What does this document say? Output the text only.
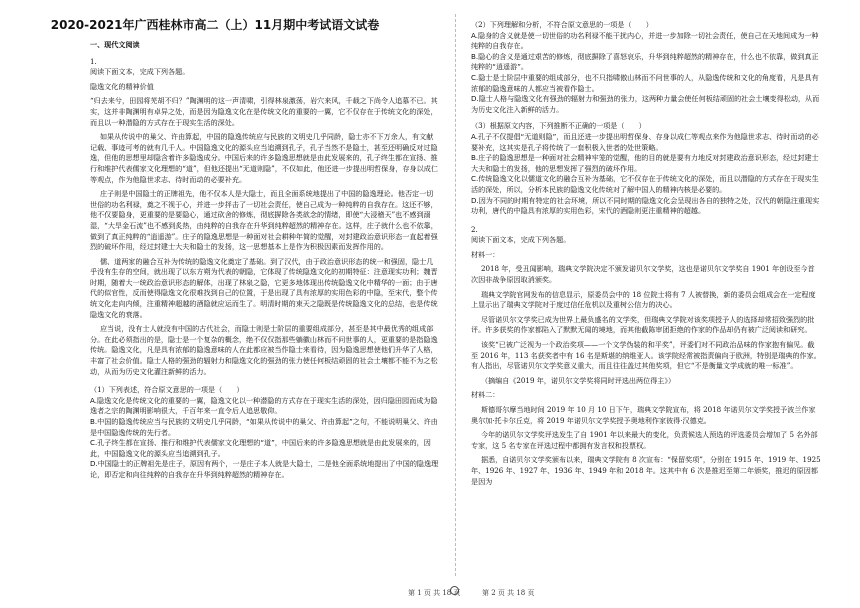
2020-2021年广西桂林市高二（上）11月期中考试语文试卷

一、现代文阅读

1.

阅读下面文本，完成下列各题。

隐逸文化的精神价值

“归去来兮，田园将芜胡不归？”陶渊明的这一声清啸，引得林泉激荡，岩穴来风，千载之下尚令人追慕不已。其实，这并非陶渊明有卓异之处，而是因为隐逸文化在是传统文化的重要的一翼，它不仅存在于传统文化的深处，而且以一种潜隐的方式存在于现实生活的深处。

如果从传说中的巢父、许由算起，中国的隐逸传统应与民族的文明史几乎同龄，隐士亦不下万余人，有文献记载、事迹可考的就有几千人。中国隐逸文化的源头应当追溯到孔子，孔子当然不是隐士，甚至还明确反对过隐逸，但他的思想里却隐含着许多隐逸成分。中国后来的许多隐逸思想就是由此发展来的，孔子终生都在宣扬、推行和维护代表儒家文化理想的“道”，但他还提出“无道则隐”，不仅如此，他还进一步提出明哲保身，存身以成仁等观点，作为他隐世求志、待时而动的必要补充。

庄子则是中国隐士的正牌祖先，他不仅本人是大隐士，而且全面系统地提出了中国的隐逸理论。他否定一切世俗的功名利禄，奠之不视于心，并进一步抨击了一切社会责任，使自己成为一种纯粹的自我存在。这还不够，他不仅要隐身，更重要的是要隐心，通过砍舍的修炼，彻底摒除各类欲念的情绪，即使“大浸稽天”也不感到溺湿，“大旱金石流”也不感到炙热，由纯粹的自我存在升华到纯粹超然的精神存在。这样，庄子就什么也不依靠，做到了真正纯粹的“逍遥游”。庄子的隐逸思想是一种面对社会耕种年简的觉醒，对封建政治意识形态一直起着强烈的破坏作用，经过封建士大夫和隐士的发扬，这一思想基本上是作为积极因素而发挥作用的。

儒、道两家的融合互补为传统的隐逸文化奠定了基础。到了汉代，由于政治意识形态的统一和强固，隐士几乎没有生存的空间，就出现了以东方朔为代表的朝隐，它体现了传统隐逸文化的初期特征：注意现实功利；魏晋时期，随着大一统政治意识形态的解体，出现了林泉之隐，它更多地体现出传统隐逸文化中精华的一面；由于唐代的似官性，反而使得隐逸文化很难找到自己的位置，于是出现了具有浓厚的实用色彩的中隐，至宋代，整个传统文化走向内倾，注重精神超越的酒隐就应运而生了。明清时期的束天之隐既是传统隐逸文化的总结，也是传统隐逸文化的衰落。

应当说，没有士人就没有中国的古代社会，而隐士则是士阶层的重要组成部分，甚至是其中最优秀的组成部分。在此必须指出的是，隐士是一个复杂的概念，绝不仅仅指那些躺徽山林而不问世事的人，更重要的是指隐逸传统。隐逸文化，凡是具有浓郁的隐逸意味的人在此都应被当作隐士来看待，因为隐逸思想使他们升华了人格，丰富了社会价值。隐士人格的强劲的辐射力和隐逸文化的强劲的张力使任何板结顽固的社会土壤都不能不为之松动，从而为历史文化灌注新鲜的活力。

（1）下列表述，符合原文意思的一项是（　　）

A.隐逸文化是传统文化的重要的一翼，隐逸文化以一种潜隐的方式存在于现实生活的深处，因归隐田园而成为隐逸者之宗的陶渊明影响很大，千百年来一直令后人追思敬仰。

B.中国的隐逸传统应当与民族的文明史几乎同龄，“如果从传说中的巢父、许由算起”之句，不能说明巢父、许由是中国隐逸传统的先行者。

C.孔子终生都在宣扬、推行和维护代表儒家文化理想的“道”，中国后来的许多隐逸思想就是由此发展来的，因此，中国隐逸文化的源头应当追溯到孔子。

D.中国隐士的正牌祖先是庄子，原因有两个，一是庄子本人就是大隐士，二是他全面系统地提出了中国的隐逸理论，即否定和向往纯粹的自我存在升华到纯粹超然的精神存在。

（2）下列理解和分析，不符合原文意思的一项是（　　）

A.隐身的含义就是使一切世俗的功名利禄不能干扰内心，并进一步加除一切社会责任，使自己在天地间成为一种纯粹的自我存在。

B.隐心的含义是通过艰苦的修炼，彻底摒除了喜怒哀乐，升华到纯粹超然的精神存在，什么也不依靠，做到真正纯粹的“逍遥游”。

C.隐士是士阶层中重要的组成部分，也不只指啸傲山林而不问世事的人，从隐逸传统和文化的角度看，凡是具有浓郁的隐逸意味的人都应当被看作隐士。

D.隐士人格与隐逸文化有强劲的辐射力和强劲的张力，这两种力量会使任何板结顽固的社会土壤变得松动，从而为历史文化注入新鲜的活力。

（3）根据原文内容，下列推断不正确的一项是（　　）

A.孔子不仅提倡“无道则隐”，而且还进一步提出明哲保身、存身以成仁等观点来作为他隐世求志、待时而动的必要补充，这其实是孔子将传统了一套积极入世者的处世策略。

B.庄子的隐逸思想是一种面对社会精神牢笼的觉醒，他的目的就是要有力地反对封建政治意识形态，经过封建士大夫和隐士的发扬，他的思想发挥了强烈的破坏作用。

C.传统隐逸文化以儒道文化的融合互补为基础，它不仅存在于传统文化的深处，而且以潜隐的方式存在于现实生活的深处，所以，分析本民族的隐逸文化传统对了解中国人的精神内核是必要的。

D.因为不同的时期有特定的社会环境，所以不同时期的隐逸文化会呈现出各自的独特之处，汉代的朝隐注重现实功利，唐代的中隐具有浓厚的实用色彩，宋代的酒隐则更注重精神的超越。

2.

阅读下面文本，完成下列各题。

材料一：

2018 年，受丑闻影响，瑞典文学院决定不颁发诺贝尔文学奖，这也是诺贝尔文学奖自 1901 年创设至今首次因非战争原因取消颁奖。

瑞典文学院官网发布的信息显示，原委员会中的 18 位院士将有 7 人被替换，新的委员会组成会在一定程度上显示出了瑞典文学院对于度过信任危机以及重树公信力的决心。

尽管诺贝尔文学奖已成为世界上最负盛名的文学奖，但瑞典文学院对该奖项授予人的选择却常招致强烈的批评。许多获奖的作家都陷入了默默无闻的境地，而其他截陈审团拒绝的作家的作品却仍有被广泛阅读和研究。

该奖“已被广泛视为一个政治奖项——一个文学伪装的和平奖”，评委们对不同政治品味的作家抱有偏见。截至 2016 年，113 名获奖者中有 16 名是斯堪的纳维亚人。该学院经常被指责偏向于欧洲，特别是瑞典的作家。有人指出，尽管诺贝尔文学奖意义重大，而且往往盖过其他奖项，但它“不是衡量文学成就的唯一标准”。

（摘编自《2019 年，诺贝尔文学奖将同时评选出两位得主》）

材料二：

斯德哥尔摩当地时间 2019 年 10 月 10 日下午，瑞典文学院宣布，将 2018 年诺贝尔文学奖授予波兰作家奥尔加·托卡尔丘克，将 2019 年诺贝尔文学奖授予奥地利作家彼得·汉德克。

今年的诺贝尔文学奖评选发生了自 1901 年以来最大的变化，负责候选人预选的评选委员会增加了 5 名外部专家，这 5 名专家在评选过程中都拥有发言权和投票权。

据悉，自诺贝尔文学奖颁布以来，瑞典文学院有 8 次宣布：“保留奖项”，分别在 1915 年、1919 年、1925 年、1926 年、1927 年、1936 年、1949 年和 2018 年。这其中有 6 次是推迟至第二年颁奖，推迟的原因都是因为

第 1 页 共 18 页	第 2 页 共 18 页
